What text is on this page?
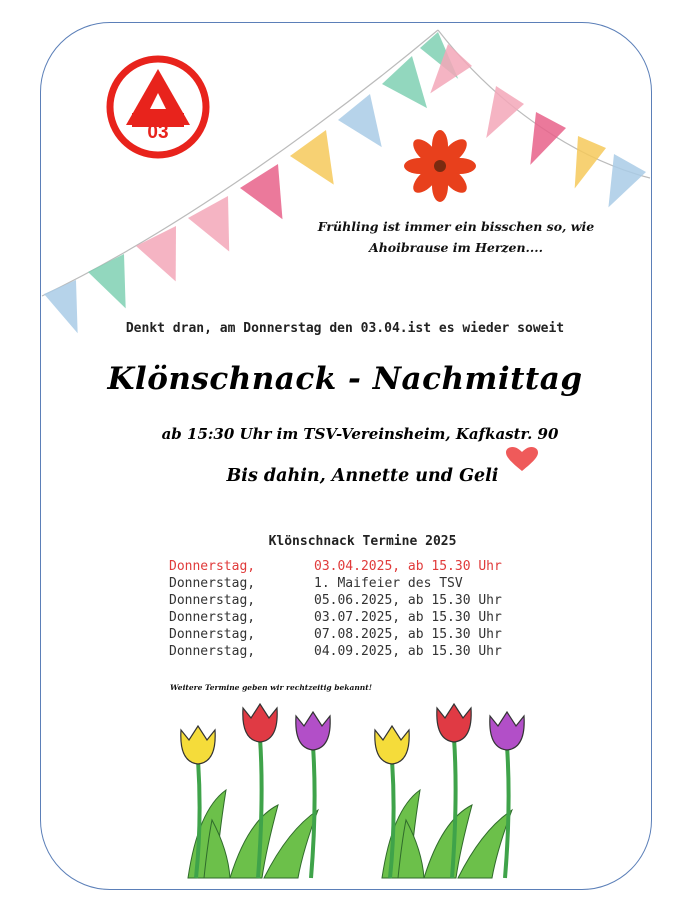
03
Frühling ist immer ein bisschen so, wie
Ahoibrause im Herzen....
Denkt dran, am Donnerstag den 03.04.ist es wieder soweit
Klönschnack - Nachmittag
ab 15:30 Uhr im TSV-Vereinsheim, Kafkastr. 90
Bis dahin, Annette und Geli
Klönschnack Termine 2025
Donnerstag,	03.04.2025, ab 15.30 Uhr
Donnerstag,	1. Maifeier des TSV
Donnerstag,	05.06.2025, ab 15.30 Uhr
Donnerstag,	03.07.2025, ab 15.30 Uhr
Donnerstag,	07.08.2025, ab 15.30 Uhr
Donnerstag,	04.09.2025, ab 15.30 Uhr
Weitere Termine geben wir rechtzeitig bekannt!
